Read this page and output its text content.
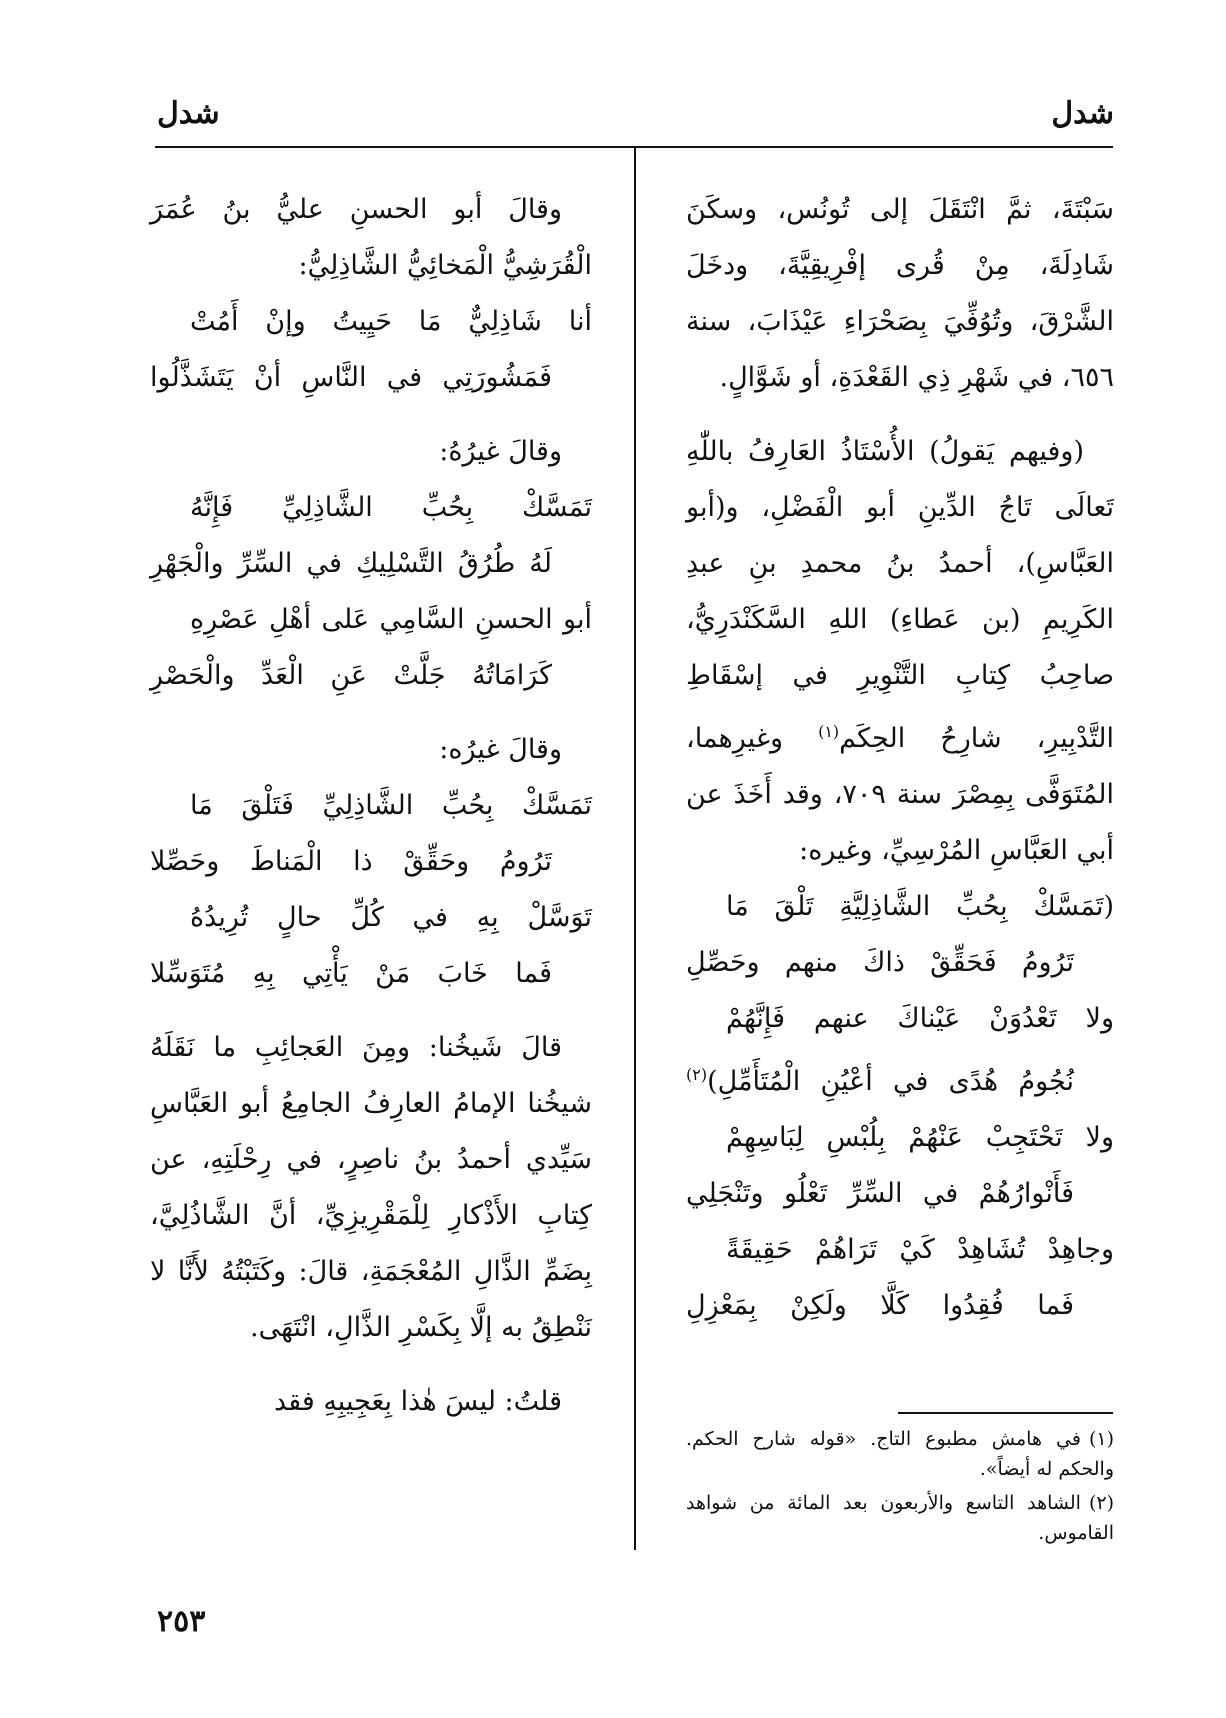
شدل
شدل

سَبْتَةَ، ثمَّ انْتَقَلَ إلى تُونُس، وسكَنَ شَادِلَةَ، مِنْ قُرى إفْرِيقِيَّةَ، ودخَلَ الشَّرْقَ، وتُوُفِّيَ بِصَحْرَاءِ عَيْذَابَ، سنة ٦٥٦، في شَهْرِ ذِي القَعْدَةِ، أو شَوَّالٍ.

(وفيهم يَقولُ) الأُسْتَاذُ العَارِفُ باللّٰهِ تَعالَى تَاجُ الدِّينِ أبو الْفَضْلِ، و(أبو العَبَّاسِ)، أحمدُ بنُ محمدِ بنِ عبدِ الكَرِيمِ (بن عَطاءِ) اللهِ السَّكَنْدَرِيُّ، صاحِبُ كِتابِ التَّنْوِيرِ في إسْقَاطِ التَّدْبِيرِ، شارِحُ الحِكَم$^{(١)}$ وغيرِهما، المُتَوَفَّى بِمِصْرَ سنة ٧٠٩، وقد أَخَذَ عن أبي العَبَّاسِ المُرْسِيِّ، وغيره:

(تَمَسَّكْ بِحُبِّ الشَّاذِلِيَّةِ تَلْقَ مَا

تَرُومُ فَحَقِّقْ ذاكَ منهم وحَصِّلِ

ولا تَعْدُوَنْ عَيْناكَ عنهم فَإِنَّهُمْ

نُجُومُ هُدًى في أعْيُنِ الْمُتَأَمِّلِ)$^{(٢)}$

ولا تَحْتَجِبْ عَنْهُمْ بِلُبْسِ لِبَاسِهِمْ

فَأَنْوارُهُمْ في السِّرِّ تَعْلُو وتَنْجَلِي

وجاهِدْ تُشَاهِدْ كَيْ تَرَاهُمْ حَقِيقَةً

فَما فُقِدُوا كَلَّا ولَكِنْ بِمَعْزِلِ

(١)في هامش مطبوع التاج. «قوله شارح الحكم. والحكم له أيضاً».

(٢)الشاهد التاسع والأربعون بعد المائة من شواهد القاموس.

وقالَ أبو الحسنِ عليُّ بنُ عُمَرَ الْقُرَشِيُّ الْمَخائِيُّ الشَّاذِلِيُّ:

أنا شَاذِلِيٌّ مَا حَيِيتُ وإنْ أَمُتْ

فَمَشُورَتِي في النَّاسِ أنْ يَتَشَذَّلُوا

وقالَ غيرُهُ:

تَمَسَّكْ بِحُبِّ الشَّاذِلِيِّ فَإِنَّهُ

لَهُ طُرُقُ التَّسْلِيكِ في السِّرِّ والْجَهْرِ

أبو الحسنِ السَّامِي عَلى أهْلِ عَصْرِهِ

كَرَامَاتُهُ جَلَّتْ عَنِ الْعَدِّ والْحَصْرِ

وقالَ غيرُه:

تَمَسَّكْ بِحُبِّ الشَّاذِلِيِّ فَتَلْقَ مَا

تَرُومُ وحَقِّقْ ذا الْمَناطَ وحَصِّلا

تَوَسَّلْ بِهِ في كُلِّ حالٍ تُرِيدُهُ

فَما خَابَ مَنْ يَأْتِي بِهِ مُتَوَسِّلا

قالَ شَيخُنا: ومِنَ العَجائِبِ ما نَقَلَهُ شيخُنا الإمامُ العارِفُ الجامِعُ أبو العَبَّاسِ سَيِّدي أحمدُ بنُ ناصِرٍ، في رِحْلَتِهِ، عن كِتابِ الأَذْكارِ لِلْمَقْرِيزِيِّ، أنَّ الشَّاذُلِيَّ، بِضَمِّ الذَّالِ المُعْجَمَةِ، قالَ: وكَتَبْتُهُ لأَنَّا لا نَنْطِقُ به إلَّا بِكَسْرِ الذَّالِ، انْتَهَى.

قلتُ: ليسَ هٰذا بِعَجِيبِهِ فقد

٢٥٣
